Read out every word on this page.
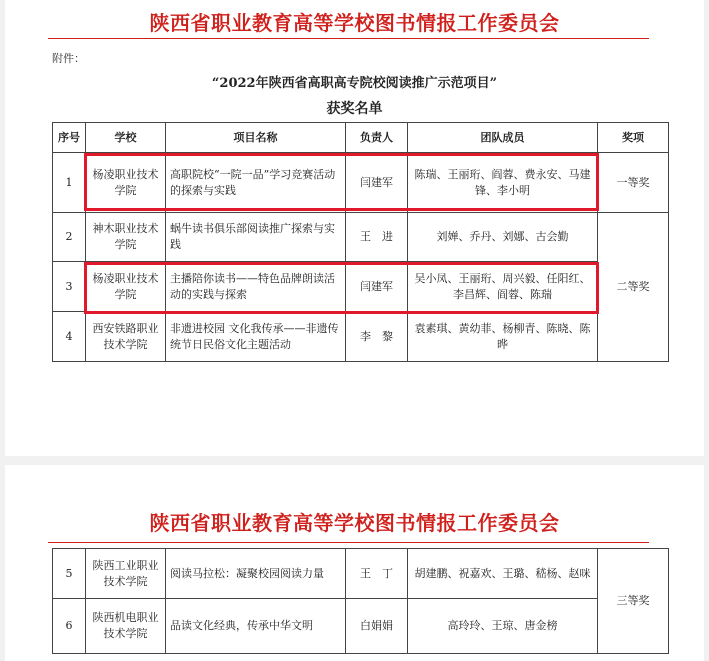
陕西省职业教育高等学校图书情报工作委员会
附件：
“2022年陕西省高职高专院校阅读推广示范项目”
获奖名单
序号	学校	项目名称	负责人	团队成员	奖项
1	杨凌职业技术学院	高职院校“一院一品”学习竞赛活动的探索与实践	闫建军	陈瑞、王丽珩、阎蓉、费永安、马建锋、李小明	一等奖
2	神木职业技术学院	蜗牛读书俱乐部阅读推广探索与实践	王　进	刘婵、乔丹、刘娜、古会勤	二等奖
3	杨凌职业技术学院	主播陪你读书——特色品牌朗读活动的实践与探索	闫建军	吴小凤、王丽珩、周兴毅、任阳红、李昌辉、阎蓉、陈瑞	
4	西安铁路职业技术学院	非遗进校园 文化我传承——非遗传统节日民俗文化主题活动	李　黎	袁素琪、黄幼菲、杨柳青、陈晓、陈晔	
陕西省职业教育高等学校图书情报工作委员会
5	陕西工业职业技术学院	阅读马拉松：凝聚校园阅读力量	王　丁	胡建鹏、祝嘉欢、王璐、嵇杨、赵咪	三等奖
6	陕西机电职业技术学院	品读文化经典，传承中华文明	白娟娟	高玲玲、王琼、唐金榜	
